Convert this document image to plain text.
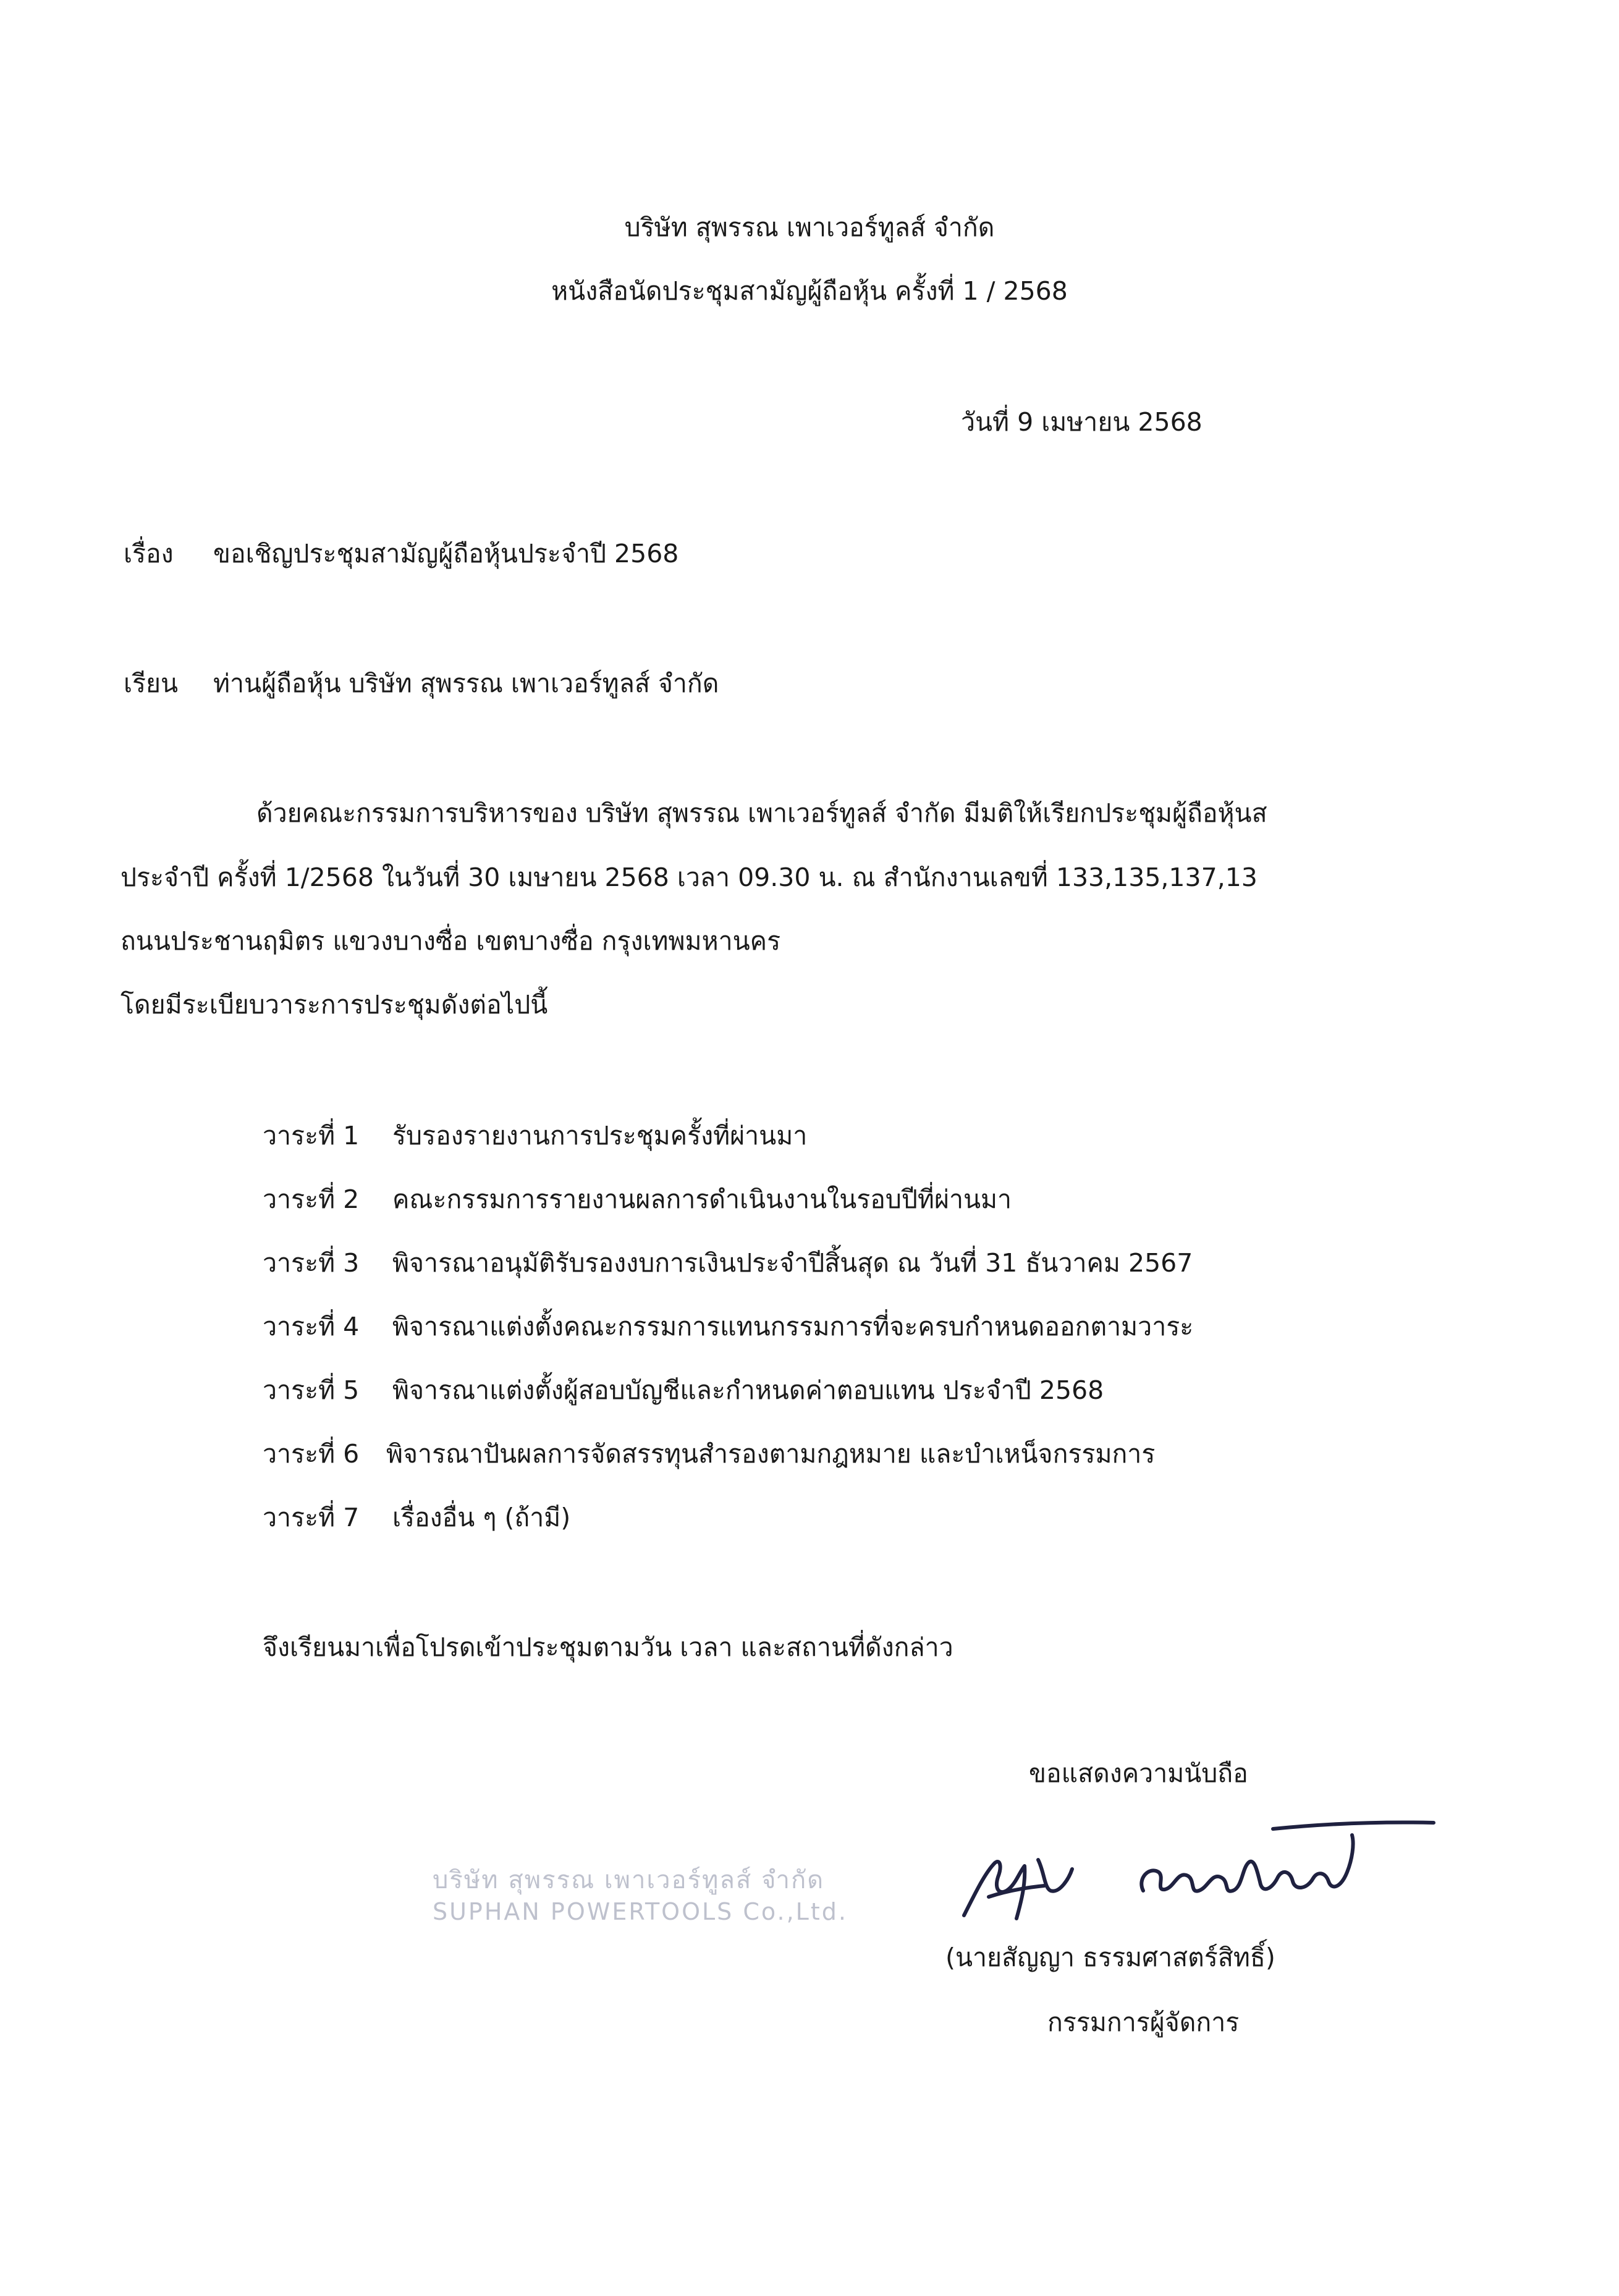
บริษัท สุพรรณ เพาเวอร์ทูลส์ จำกัด
หนังสือนัดประชุมสามัญผู้ถือหุ้น ครั้งที่ 1 / 2568
วันที่ 9 เมษายน 2568
เรื่อง ขอเชิญประชุมสามัญผู้ถือหุ้นประจำปี 2568
เรียน ท่านผู้ถือหุ้น บริษัท สุพรรณ เพาเวอร์ทูลส์ จำกัด
ด้วยคณะกรรมการบริหารของ บริษัท สุพรรณ เพาเวอร์ทูลส์ จำกัด มีมติให้เรียกประชุมผู้ถือหุ้นส
ประจำปี ครั้งที่ 1/2568 ในวันที่ 30 เมษายน 2568 เวลา 09.30 น. ณ สำนักงานเลขที่ 133,135,137,13
ถนนประชานฤมิตร แขวงบางซื่อ เขตบางซื่อ กรุงเทพมหานคร
โดยมีระเบียบวาระการประชุมดังต่อไปนี้
วาระที่ 1 รับรองรายงานการประชุมครั้งที่ผ่านมา
วาระที่ 2 คณะกรรมการรายงานผลการดำเนินงานในรอบปีที่ผ่านมา
วาระที่ 3 พิจารณาอนุมัติรับรองงบการเงินประจำปีสิ้นสุด ณ วันที่ 31 ธันวาคม 2567
วาระที่ 4 พิจารณาแต่งตั้งคณะกรรมการแทนกรรมการที่จะครบกำหนดออกตามวาระ
วาระที่ 5 พิจารณาแต่งตั้งผู้สอบบัญชีและกำหนดค่าตอบแทน ประจำปี 2568
วาระที่ 6 พิจารณาปันผลการจัดสรรทุนสำรองตามกฎหมาย และบำเหน็จกรรมการ
วาระที่ 7 เรื่องอื่น ๆ (ถ้ามี)
จึงเรียนมาเพื่อโปรดเข้าประชุมตามวัน เวลา และสถานที่ดังกล่าว
ขอแสดงความนับถือ
บริษัท สุพรรณ เพาเวอร์ทูลส์ จำกัด
SUPHAN POWERTOOLS Co.,Ltd.
(นายสัญญา ธรรมศาสตร์สิทธิ์)
กรรมการผู้จัดการ
